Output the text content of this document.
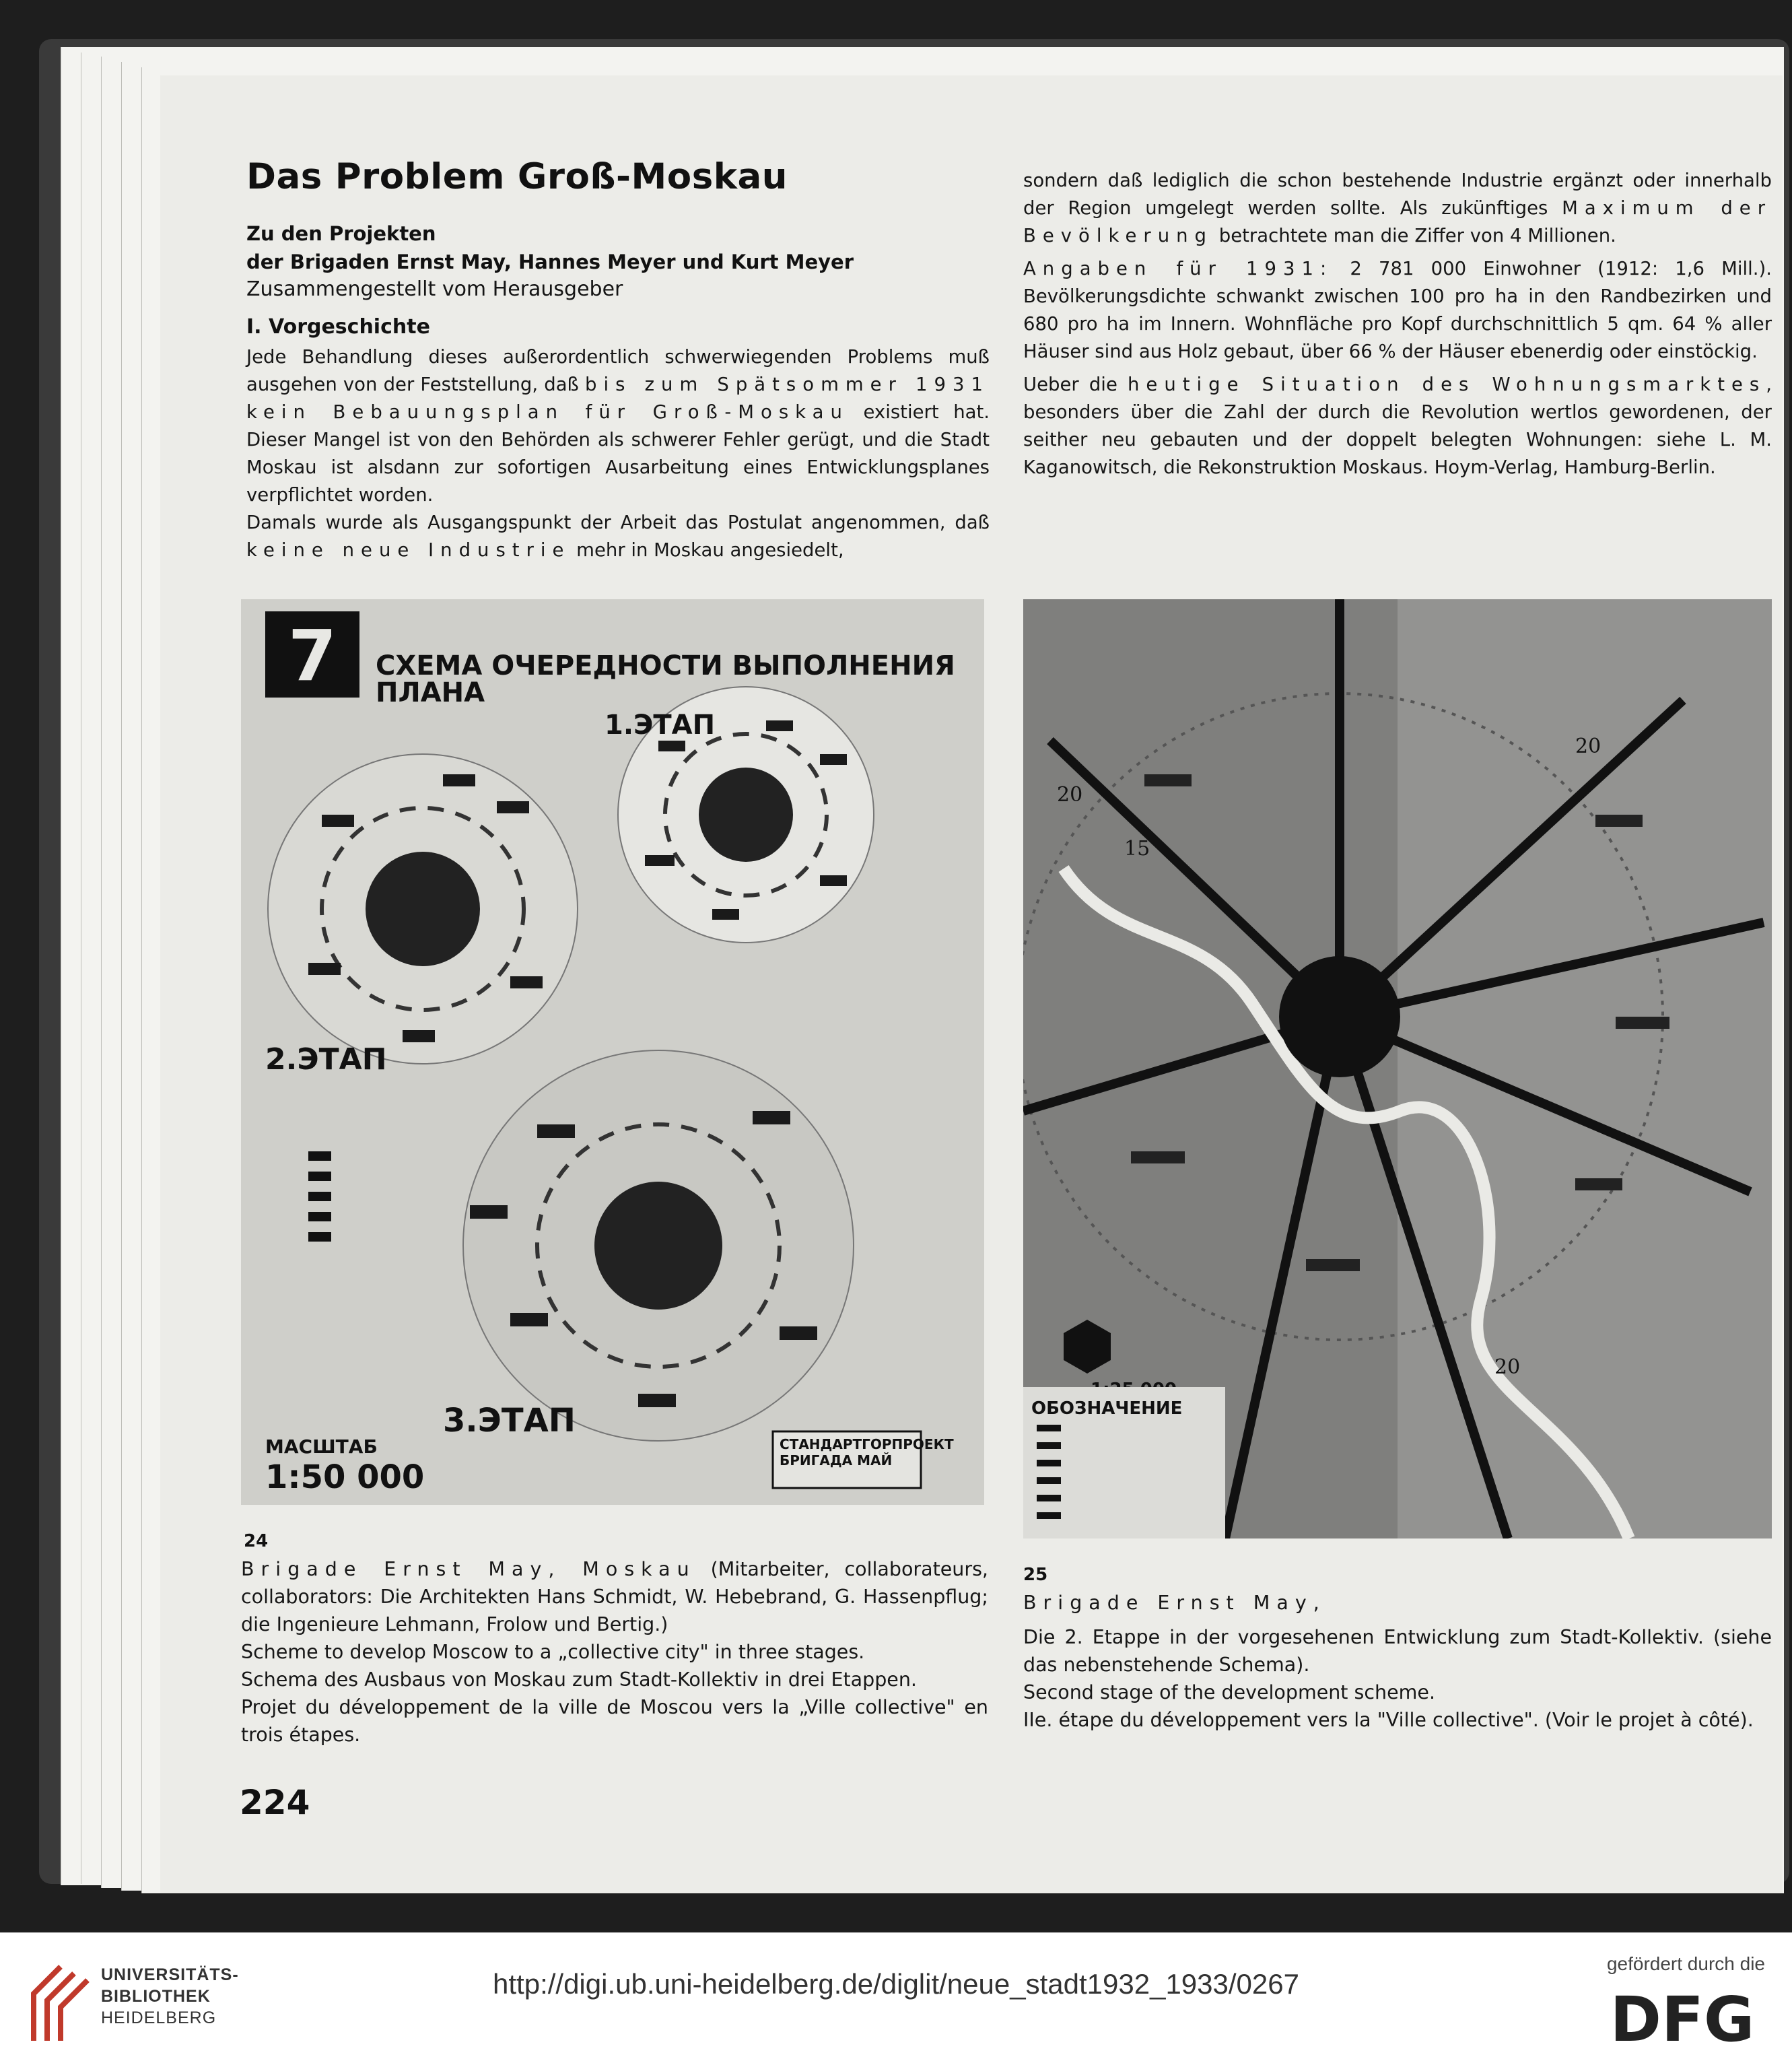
Das Problem Groß-Moskau
Zu den Projekten
der Brigaden Ernst May, Hannes Meyer und Kurt Meyer
Zusammengestellt vom Herausgeber
I. Vorgeschichte

Jede Behandlung dieses außerordentlich schwerwiegenden Problems muß ausgehen von der Feststellung, daß bis zum Spätsommer 1931 kein Bebauungsplan für Groß-Moskau existiert hat. Dieser Mangel ist von den Behörden als schwerer Fehler gerügt, und die Stadt Moskau ist alsdann zur sofortigen Ausarbeitung eines Entwicklungsplanes verpflichtet worden.

Damals wurde als Ausgangspunkt der Arbeit das Postulat angenommen, daß keine neue Industrie mehr in Moskau angesiedelt,

sondern daß lediglich die schon bestehende Industrie ergänzt oder innerhalb der Region umgelegt werden sollte. Als zukünftiges Maximum der Bevölkerung betrachtete man die Ziffer von 4 Millionen.

Angaben für 1931: 2 781 000 Einwohner (1912: 1,6 Mill.). Bevölkerungsdichte schwankt zwischen 100 pro ha in den Randbezirken und 680 pro ha im Innern. Wohnfläche pro Kopf durchschnittlich 5 qm. 64 % aller Häuser sind aus Holz gebaut, über 66 % der Häuser ebenerdig oder einstöckig.

Ueber die heutige Situation des Wohnungsmarktes, besonders über die Zahl der durch die Revolution wertlos gewordenen, der seither neu gebauten und der doppelt belegten Wohnungen: siehe L. M. Kaganowitsch, die Rekonstruktion Moskaus. Hoym-Verlag, Hamburg-Berlin.

7 СХЕМА ОЧЕРЕДНОСТИ ВЫПОЛНЕНИЯ
ПЛАНА
1.ЭТАП
2.ЭТАП
3.ЭТАП
МАСШТАБ
1:50 000
СТАНДАРТГОРПРОЕКТ
БРИГАДА МАЙ
20
20
15
20
ОБОЗНАЧЕНИЕ
24
Brigade Ernst May, Moskau (Mitarbeiter, collaborateurs, collaborators: Die Architekten Hans Schmidt, W. Hebebrand, G. Hassenpflug; die Ingenieure Lehmann, Frolow und Bertig.)
Scheme to develop Moscow to a „collective city" in three stages.
Schema des Ausbaus von Moskau zum Stadt-Kollektiv in drei Etappen.
Projet du développement de la ville de Moscou vers la „Ville collective" en trois étapes.
25
Brigade Ernst May,
Die 2. Etappe in der vorgesehenen Entwicklung zum Stadt-Kollektiv. (siehe das nebenstehende Schema).
Second stage of the development scheme.
IIe. étape du développement vers la "Ville collective". (Voir le projet à côté).
224
UNIVERSITÄTS-
BIBLIOTHEK
HEIDELBERG
http://digi.ub.uni-heidelberg.de/diglit/neue_stadt1932_1933/0267
gefördert durch die
DFG
